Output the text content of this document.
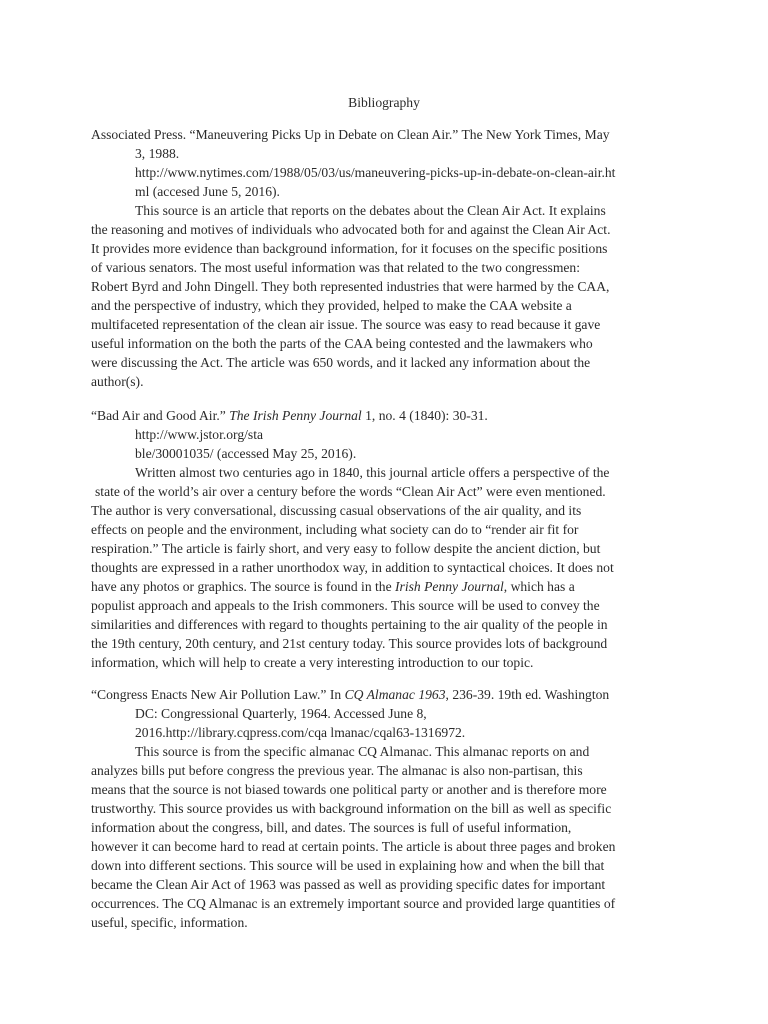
Bibliography
Associated Press. “Maneuvering Picks Up in Debate on Clean Air.” The New York Times, May
3, 1988.
http://www.nytimes.com/1988/05/03/us/maneuvering-picks-up-in-debate-on-clean-air.ht
ml (accesed June 5, 2016).
This source is an article that reports on the debates about the Clean Air Act. It explains
the reasoning and motives of individuals who advocated both for and against the Clean Air Act.
It provides more evidence than background information, for it focuses on the specific positions
of various senators. The most useful information was that related to the two congressmen:
Robert Byrd and John Dingell. They both represented industries that were harmed by the CAA,
and the perspective of industry, which they provided, helped to make the CAA website a
multifaceted representation of the clean air issue. The source was easy to read because it gave
useful information on the both the parts of the CAA being contested and the lawmakers who
were discussing the Act. The article was 650 words, and it lacked any information about the
author(s).
“Bad Air and Good Air.” The Irish Penny Journal 1, no. 4 (1840): 30-31.
http://www.jstor.org/sta
ble/30001035/ (accessed May 25, 2016).
Written almost two centuries ago in 1840, this journal article offers a perspective of the
state of the world’s air over a century before the words “Clean Air Act” were even mentioned.
The author is very conversational, discussing casual observations of the air quality, and its
effects on people and the environment, including what society can do to “render air fit for
respiration.” The article is fairly short, and very easy to follow despite the ancient diction, but
thoughts are expressed in a rather unorthodox way, in addition to syntactical choices. It does not
have any photos or graphics. The source is found in the Irish Penny Journal, which has a
populist approach and appeals to the Irish commoners. This source will be used to convey the
similarities and differences with regard to thoughts pertaining to the air quality of the people in
the 19th century, 20th century, and 21st century today. This source provides lots of background
information, which will help to create a very interesting introduction to our topic.
“Congress Enacts New Air Pollution Law.” In CQ Almanac 1963, 236-39. 19th ed. Washington
DC: Congressional Quarterly, 1964. Accessed June 8,
2016.http://library.cqpress.com/cqa lmanac/cqal63-1316972.
This source is from the specific almanac CQ Almanac. This almanac reports on and
analyzes bills put before congress the previous year. The almanac is also non-partisan, this
means that the source is not biased towards one political party or another and is therefore more
trustworthy. This source provides us with background information on the bill as well as specific
information about the congress, bill, and dates. The sources is full of useful information,
however it can become hard to read at certain points. The article is about three pages and broken
down into different sections. This source will be used in explaining how and when the bill that
became the Clean Air Act of 1963 was passed as well as providing specific dates for important
occurrences. The CQ Almanac is an extremely important source and provided large quantities of
useful, specific, information.
